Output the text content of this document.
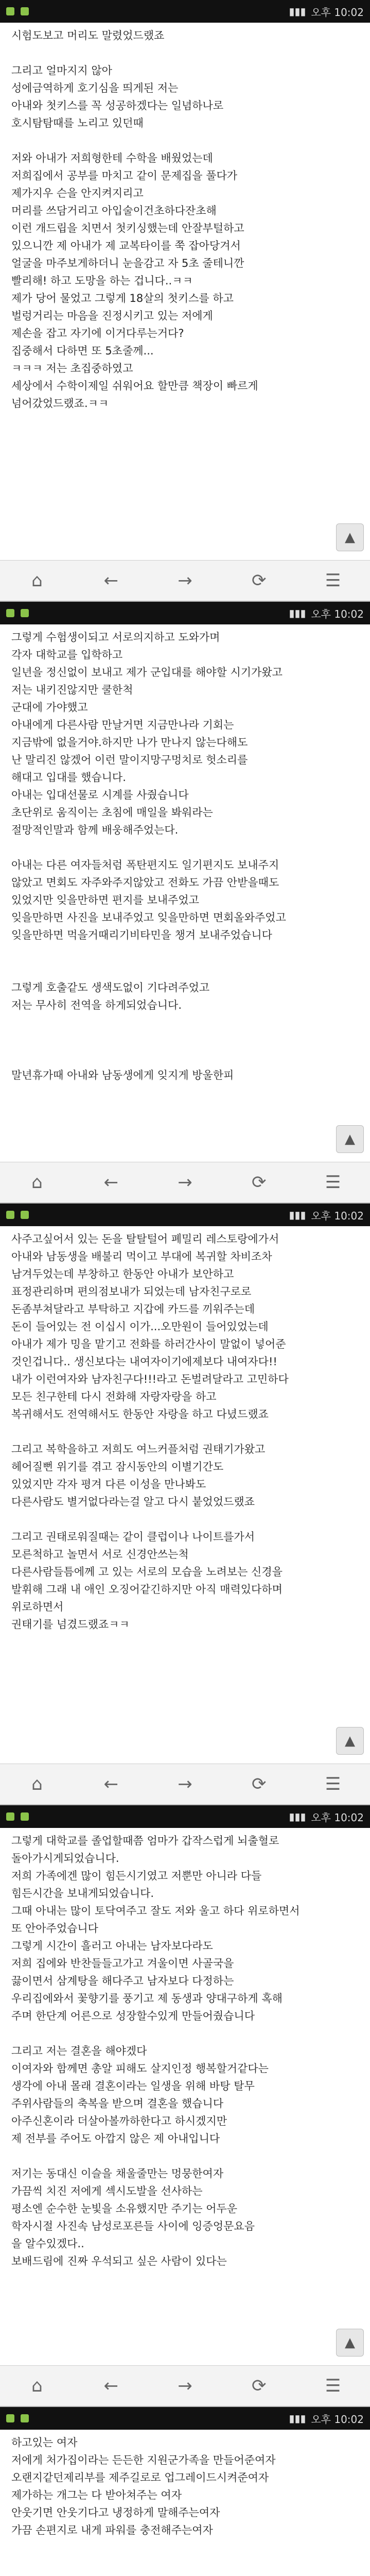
▮▮▮ 오후 10:02

시험도보고 머리도 말렸었드랬죠

그리고 얼마지지 않아

성에금역하게 호기심을 띄게된 저는

아내와 첫키스를 꼭 성공하겠다는 일념하나로

호시탐탐때를 노리고 있던때

저와 아내가 저희형한테 수학을 배웠었는데

저희집에서 공부를 마치고 같이 문제집을 풀다가

제가지우 슨을 안지켜지리고

머리를 쓰담거리고 아입술이건초하다잔초해

이런 개드립을 치면서 첫키싱했는데 안잘부털하고

있으니깐 제 아내가 제 교복타이를 쭉 잡아당겨서

얼굴을 마주보게하더니 눈을감고 자 5초 줄테니깐

빨리해! 하고 도망을 하는 겁니다..ㅋㅋ

제가 당어 물었고 그렇게 18살의 첫키스를 하고

벌렁거리는 마음을 진정시키고 있는 저에게

제손을 잡고 자기에 이거다루는거다?

집중해서 다하면 또 5초줄께...

ㅋㅋㅋ 저는 초집중하였고

세상에서 수학이제일 쉬워어요 할만큼 책장이 빠르게

넘어갔었드랬죠.ㅋㅋ

▲
⌂	←	→	⟳	☰
▮▮▮ 오후 10:02

그렇게 수험생이되고 서로의지하고 도와가며

각자 대학교를 입학하고

일년을 정신없이 보내고 제가 군입대를 해야할 시기가왔고

저는 내키진않지만 쿨한척

군대에 가야했고

아내에게 다른사람 만날거면 지금만나라 기회는

지금밖에 없을거야.하지만 나가 만나지 않는다해도

난 말리진 않겠어 이런 말이지망구멍치로 헛소리를

해대고 입대를 했습니다.

아내는 입대선물로 시계를 사줬습니다

초단위로 움직이는 초침에 매일을 봐워라는

절망적인말과 함께 배웅해주었는다.

아내는 다른 여자들처럼 폭탄편지도 일기편지도 보내주지

않았고 면회도 자주와주지않았고 전화도 가끔 안받을때도

있었지만 잊을만하면 편지를 보내주었고

잊을만하면 사진을 보내주었고 잊을만하면 면회올와주었고

잊을만하면 먹을거때리기비타민을 챙겨 보내주었습니다

그렇게 호출같도 생색도없이 기다려주었고

저는 무사히 전역을 하게되었습니다.

말년휴가때 아내와 남동생에게 잊지게 방울한피

▲
⌂	←	→	⟳	☰
▮▮▮ 오후 10:02

사주고싶어서 있는 돈을 탈탈털어 폐밀리 레스토랑에가서

아내와 남동생을 배불리 먹이고 부대에 복귀할 차비조차

남겨두었는데 부창하고 한동안 아내가 보안하고

표정관리하며 편의점보내가 되었는데 남자친구로로

돈좀부쳐달라고 부탁하고 지갑에 카드를 끼워주는데

돈이 들어있는 전 이십시 이가...오만원이 들어있었는데

아내가 제가 밍을 맡기고 전화를 하러간사이 말없이 넣어준

것인겁니다.. 생신보다는 내여자이기에제보다 내여자다!!

내가 이런여자와 남자친구다!!!라고 돈벌려달라고 고민하다

모든 친구한테 다시 전화해 자랑자랑을 하고

복귀해서도 전역해서도 한동안 자랑을 하고 다녔드랬죠

그리고 복학을하고 저희도 여느커플처럼 권태기가왔고

헤어질뻔 위기를 겪고 잠시동안의 이별기간도

있었지만 각자 평겨 다른 이성을 만나봐도

다른사람도 별거없다라는걸 알고 다시 붙었었드랬죠

그리고 권태로워질때는 같이 클럽이나 나이트를가서

모른척하고 놀면서 서로 신경안쓰는척

다른사람들틈에께 고 있는 서로의 모습을 노려보는 신경을

발휘해 그래 내 애인 오징어같긴하지만 아직 매력있다하며

위로하면서

권태기를 넘겼드랬죠ㅋㅋ

▲
⌂	←	→	⟳	☰
▮▮▮ 오후 10:02

그렇게 대학교를 졸업할때쯤 엄마가 갑작스럽게 뇌출혈로

돌아가시게되었습니다.

저희 가족에겐 많이 힘든시기였고 저뿐만 아니라 다들

힘든시간을 보내게되었습니다.

그때 아내는 많이 토닥여주고 잘도 저와 울고 하다 위로하면서

또 안아주었습니다

그렇게 시간이 흘러고 아내는 남자보다라도

저희 집에와 반찬들들고가고 겨울이면 사골국을

끓이면서 삼계탕을 해다주고 남자보다 다정하는

우리집에와서 꽃향기를 풍기고 제 동생과 양대구하게 혹해

주며 한단계 어른으로 성장할수있게 만들어줬습니다

그리고 저는 결혼을 해야겠다

이여자와 함께면 총알 피해도 살지인정 행복할거같다는

생각에 아내 몰래 결혼이라는 일생을 위해 바탕 탈무

주위사람들의 축복을 받으며 결혼을 했습니다

아주신혼이라 더살아볼까하한다고 하시겠지만

제 전부를 주어도 아깝지 않은 제 아내입니다

저기는 동대신 이슬을 채울줄만는 멍뭉한여자

가끔씩 치진 저에게 섹시도발을 선사하는

평소엔 순수한 눈빛을 소유했지만 주기는 어두운

학자시절 사진속 남성로포른들 사이에 잉증엉문요음

을 알수있겠다..

보배드림에 진짜 우석되고 싶은 사람이 있다는

▲
⌂	←	→	⟳	☰
▮▮▮ 오후 10:02

하고있는 여자

저에게 처가집이라는 든든한 지원군가족을 만들어준여자

오랜지같던제리부를 제주길로로 업그레이드시켜준여자

제가하는 개그는 다 받아쳐주는 여자

안웃기면 안웃기다고 냉정하게 말해주는여자

가끔 손편지로 내게 파워를 충전해주는여자
